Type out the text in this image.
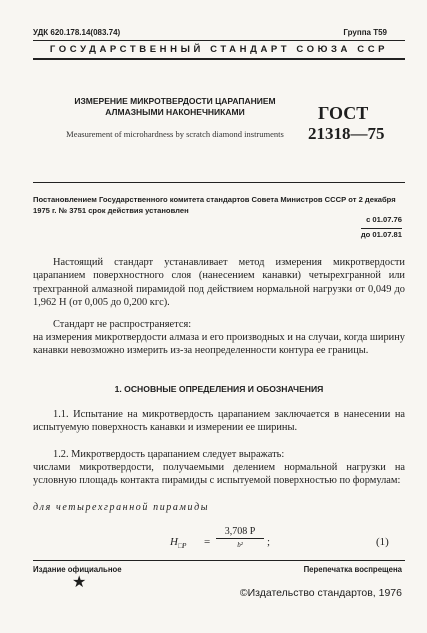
УДК 620.178.14(083.74)	Группа Т59
ГОСУДАРСТВЕННЫЙ СТАНДАРТ СОЮЗА ССР
ИЗМЕРЕНИЕ МИКРОТВЕРДОСТИ ЦАРАПАНИЕМ АЛМАЗНЫМИ НАКОНЕЧНИКАМИ
Measurement of microhardness by scratch diamond instruments
ГОСТ
21318—75
Постановлением Государственного комитета стандартов Совета Министров СССР от 2 декабря 1975 г. № 3751 срок действия установлен
с 01.07.76
до 01.07.81
Настоящий стандарт устанавливает метод измерения микротвердости царапанием поверхностного слоя (нанесением канавки) четырехгранной или трехгранной алмазной пирамидой под действием нормальной нагрузки от 0,049 до 1,962 Н (от 0,005 до 0,200 кгс).
Стандарт не распространяется:
на измерения микротвердости алмаза и его производных и на случаи, когда ширину канавки невозможно измерить из-за неопределенности контура ее границы.
1. ОСНОВНЫЕ ОПРЕДЕЛЕНИЯ И ОБОЗНАЧЕНИЯ
1.1. Испытание на микротвердость царапанием заключается в нанесении на испытуемую поверхность канавки и измерении ее ширины.
1.2. Микротвердость царапанием следует выражать:
числами микротвердости, получаемыми делением нормальной нагрузки на условную площадь контакта пирамиды с испытуемой поверхностью по формулам:
для четырехгранной пирамиды
$H_{□P}$ =
3,708 P
b²	;	(1)
Издание официальное	Перепечатка воспрещена
★
©Издательство стандартов, 1976
